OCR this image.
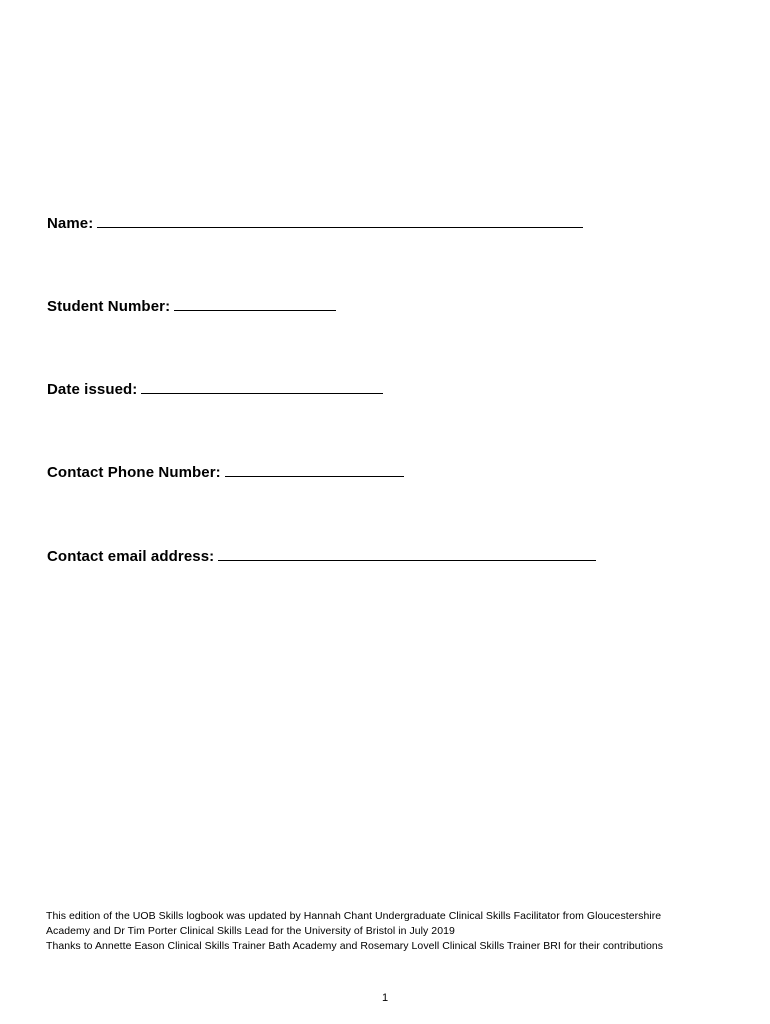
Name:
Student Number:
Date issued:
Contact Phone Number:
Contact email address:

This edition of the UOB Skills logbook was updated by Hannah Chant Undergraduate Clinical Skills Facilitator from Gloucestershire Academy and Dr Tim Porter Clinical Skills Lead for the University of Bristol in July 2019

Thanks to Annette Eason Clinical Skills Trainer Bath Academy and Rosemary Lovell Clinical Skills Trainer BRI for their contributions

1
